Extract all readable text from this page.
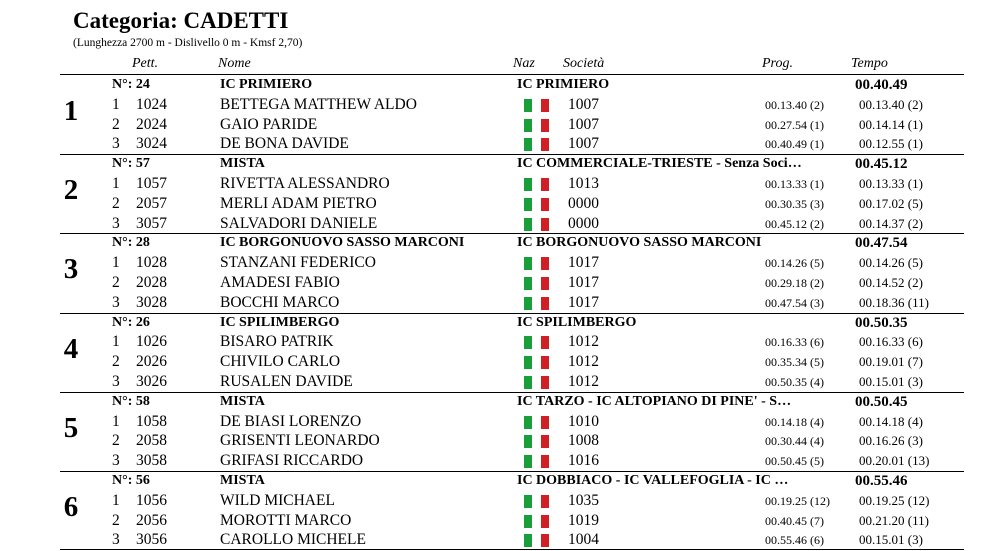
Categoria: CADETTI
(Lunghezza 2700 m - Dislivello 0 m - Kmsf 2,70)
Pett.	Nome	Naz Società	Prog.	Tempo
1
N°: 24	IC PRIMIERO	IC PRIMIERO	00.40.49
1 1024	BETTEGA MATTHEW ALDO	1007	00.13.40 (2)	00.13.40 (2)
2 2024	GAIO PARIDE	1007	00.27.54 (1)	00.14.14 (1)
3 3024	DE BONA DAVIDE	1007	00.40.49 (1)	00.12.55 (1)
2
N°: 57	MISTA	IC COMMERCIALE-TRIESTE - Senza Soci…	00.45.12
1 1057	RIVETTA ALESSANDRO	1013	00.13.33 (1)	00.13.33 (1)
2 2057	MERLI ADAM PIETRO	0000	00.30.35 (3)	00.17.02 (5)
3 3057	SALVADORI DANIELE	0000	00.45.12 (2)	00.14.37 (2)
3
N°: 28	IC BORGONUOVO SASSO MARCONI	IC BORGONUOVO SASSO MARCONI	00.47.54
1 1028	STANZANI FEDERICO	1017	00.14.26 (5)	00.14.26 (5)
2 2028	AMADESI FABIO	1017	00.29.18 (2)	00.14.52 (2)
3 3028	BOCCHI MARCO	1017	00.47.54 (3)	00.18.36 (11)
4
N°: 26	IC SPILIMBERGO	IC SPILIMBERGO	00.50.35
1 1026	BISARO PATRIK	1012	00.16.33 (6)	00.16.33 (6)
2 2026	CHIVILO CARLO	1012	00.35.34 (5)	00.19.01 (7)
3 3026	RUSALEN DAVIDE	1012	00.50.35 (4)	00.15.01 (3)
5
N°: 58	MISTA	IC TARZO - IC ALTOPIANO DI PINE' - S…	00.50.45
1 1058	DE BIASI LORENZO	1010	00.14.18 (4)	00.14.18 (4)
2 2058	GRISENTI LEONARDO	1008	00.30.44 (4)	00.16.26 (3)
3 3058	GRIFASI RICCARDO	1016	00.50.45 (5)	00.20.01 (13)
6
N°: 56	MISTA	IC DOBBIACO - IC VALLEFOGLIA - IC …	00.55.46
1 1056	WILD MICHAEL	1035	00.19.25 (12) 00.19.25 (12)
2 2056	MOROTTI MARCO	1019	00.40.45 (7)	00.21.20 (11)
3 3056	CAROLLO MICHELE	1004	00.55.46 (6)	00.15.01 (3)
